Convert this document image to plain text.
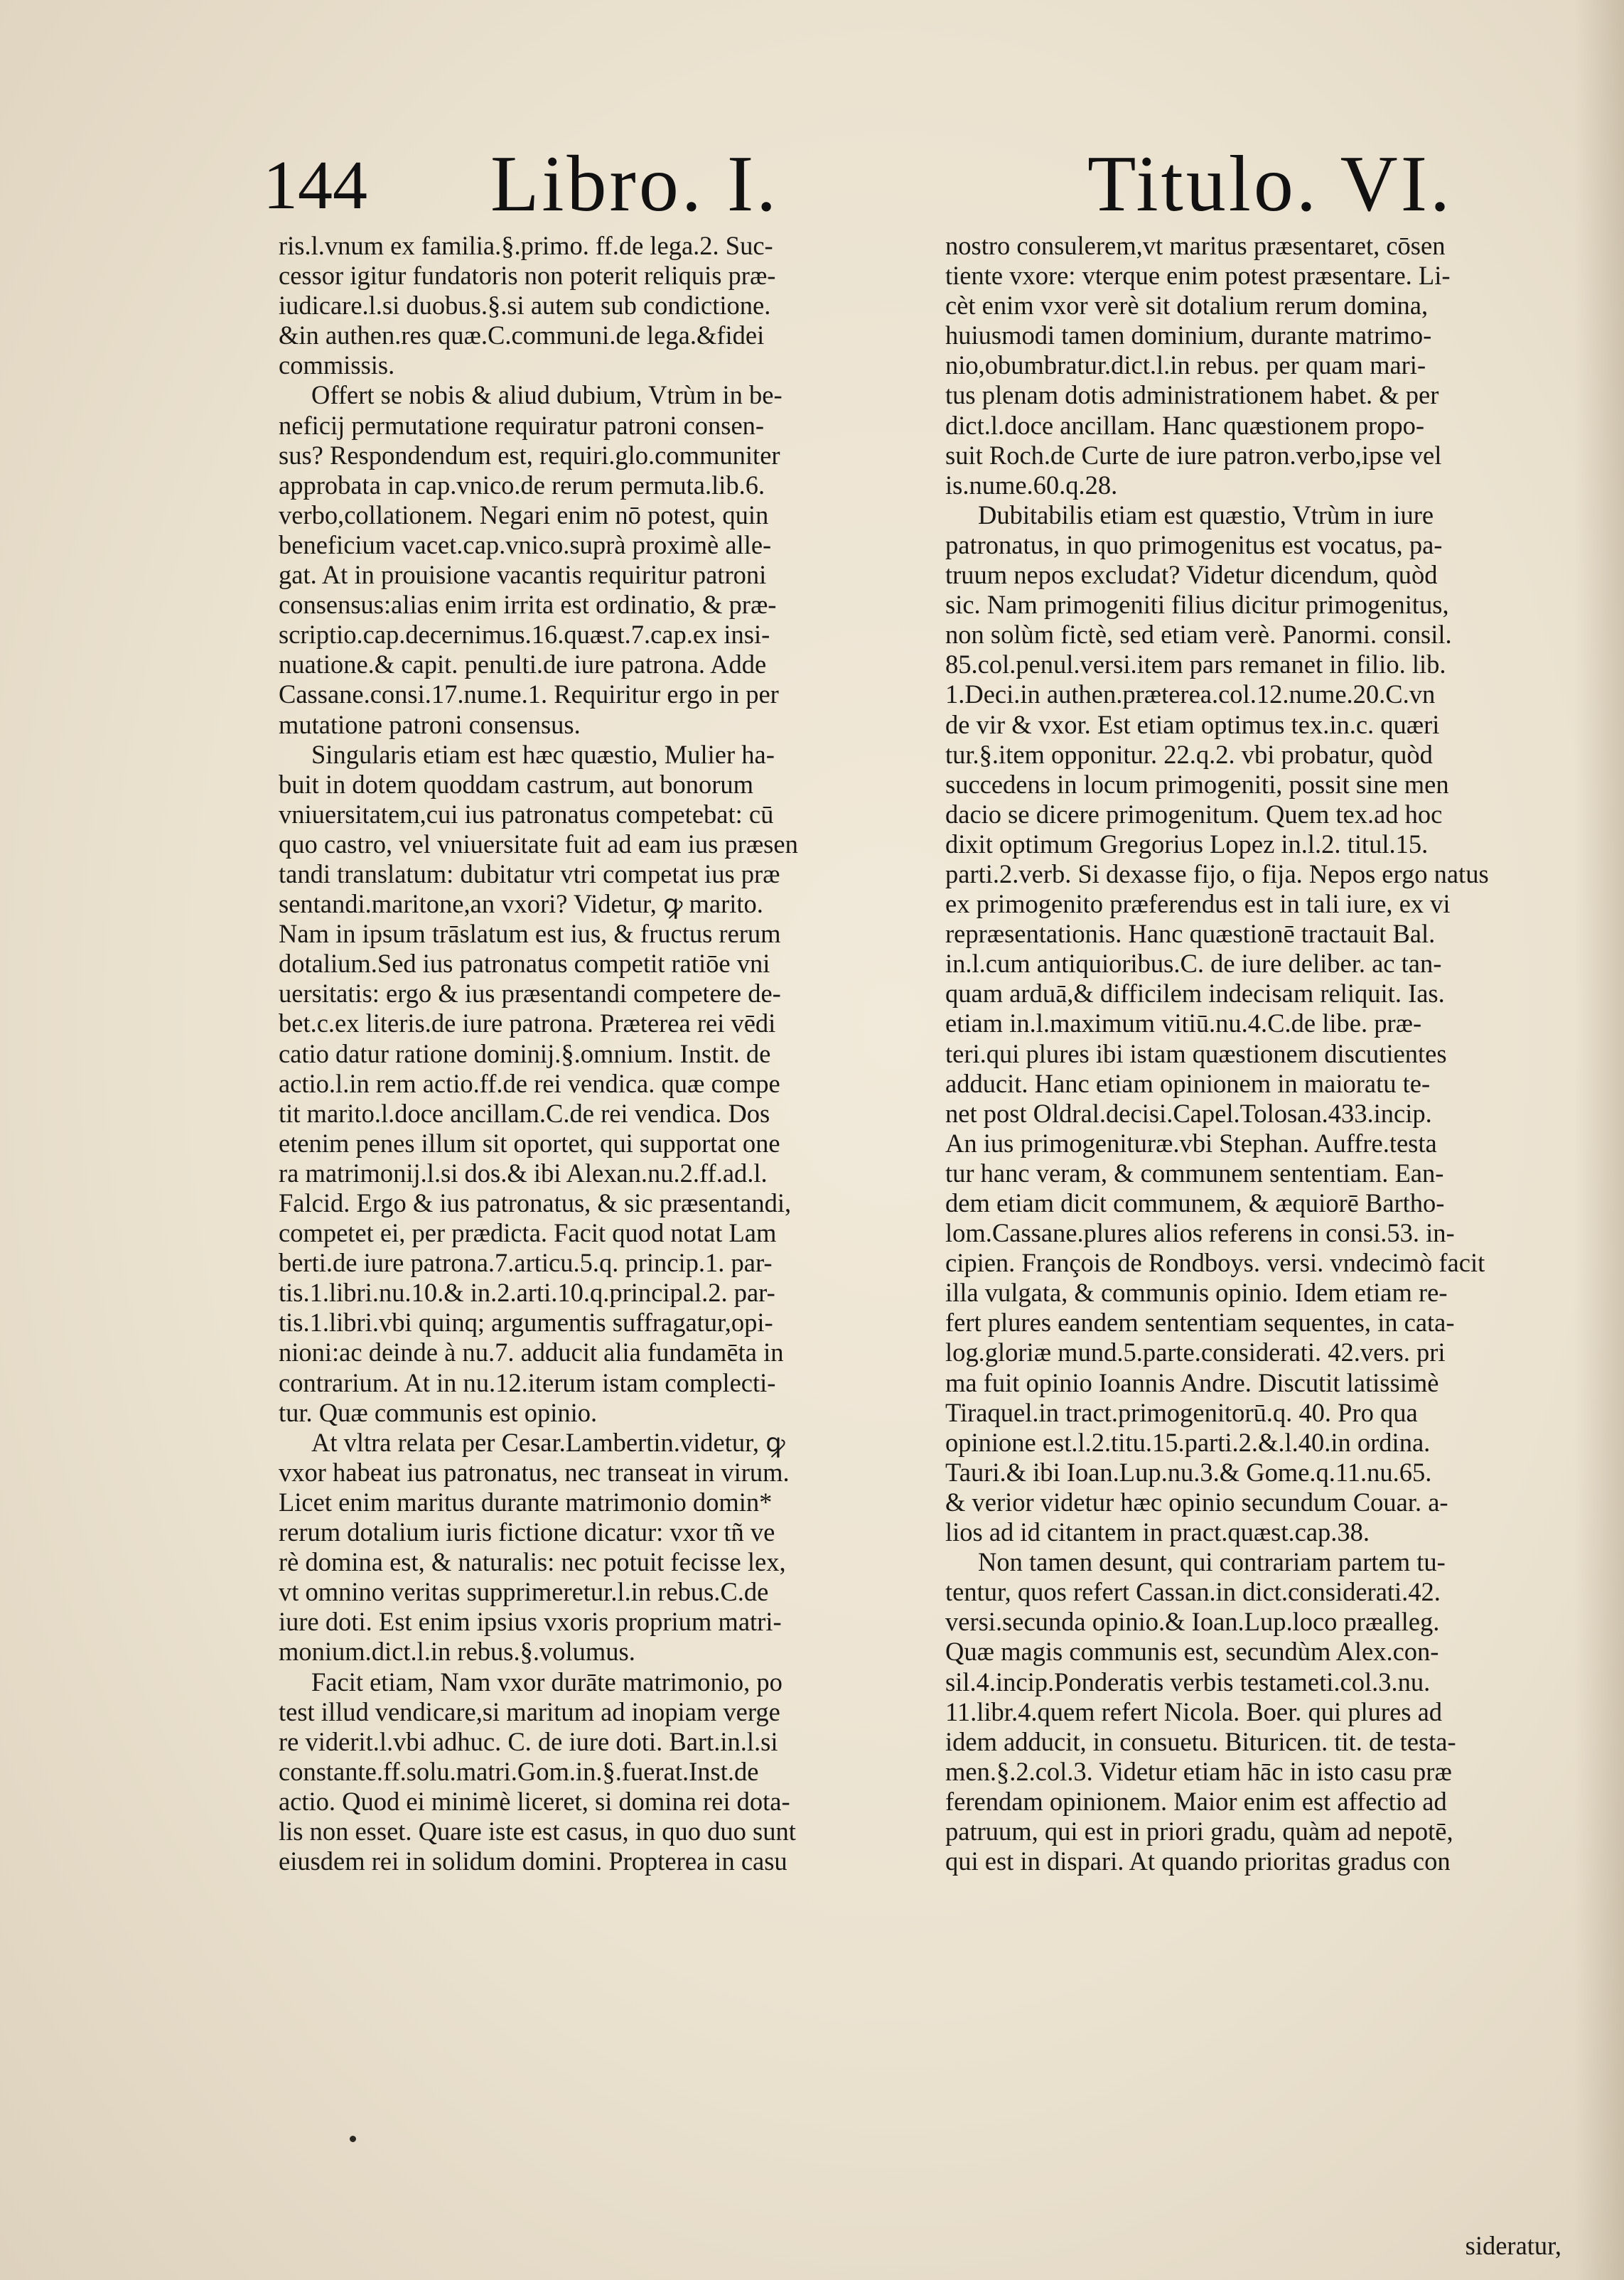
144 Libro. I.	Titulo. VI.
ris.l.vnum ex familia.§.primo. ff.de lega.2. Suc-
cessor igitur fundatoris non poterit reliquis præ-
iudicare.l.si duobus.§.si autem sub condictione.
&in authen.res quæ.C.communi.de lega.&fidei
commissis.
Offert se nobis & aliud dubium, Vtrùm in be-
neficij permutatione requiratur patroni consen-
sus? Respondendum est, requiri.glo.communiter
approbata in cap.vnico.de rerum permuta.lib.6.
verbo,collationem. Negari enim nō potest, quin
beneficium vacet.cap.vnico.suprà proximè alle-
gat. At in prouisione vacantis requiritur patroni
consensus:alias enim irrita est ordinatio, & præ-
scriptio.cap.decernimus.16.quæst.7.cap.ex insi-
nuatione.& capit. penulti.de iure patrona. Adde
Cassane.consi.17.nume.1. Requiritur ergo in per
mutatione patroni consensus.
Singularis etiam est hæc quæstio, Mulier ha-
buit in dotem quoddam castrum, aut bonorum
vniuersitatem,cui ius patronatus competebat: cū
quo castro, vel vniuersitate fuit ad eam ius præsen
tandi translatum: dubitatur vtri competat ius præ
sentandi.maritone,an vxori? Videtur, ꝙ marito.
Nam in ipsum trāslatum est ius, & fructus rerum
dotalium.Sed ius patronatus competit ratiōe vni
uersitatis: ergo & ius præsentandi competere de-
bet.c.ex literis.de iure patrona. Præterea rei vēdi
catio datur ratione dominij.§.omnium. Instit. de
actio.l.in rem actio.ff.de rei vendica. quæ compe
tit marito.l.doce ancillam.C.de rei vendica. Dos
etenim penes illum sit oportet, qui supportat one
ra matrimonij.l.si dos.& ibi Alexan.nu.2.ff.ad.l.
Falcid. Ergo & ius patronatus, & sic præsentandi,
competet ei, per prædicta. Facit quod notat Lam
berti.de iure patrona.7.articu.5.q. princip.1. par-
tis.1.libri.nu.10.& in.2.arti.10.q.principal.2. par-
tis.1.libri.vbi quinq; argumentis suffragatur,opi-
nioni:ac deinde à nu.7. adducit alia fundamēta in
contrarium. At in nu.12.iterum istam complecti-
tur. Quæ communis est opinio.
At vltra relata per Cesar.Lambertin.videtur, ꝙ
vxor habeat ius patronatus, nec transeat in virum.
Licet enim maritus durante matrimonio domin*
rerum dotalium iuris fictione dicatur: vxor tñ ve
rè domina est, & naturalis: nec potuit fecisse lex,
vt omnino veritas supprimeretur.l.in rebus.C.de
iure doti. Est enim ipsius vxoris proprium matri-
monium.dict.l.in rebus.§.volumus.
Facit etiam, Nam vxor durāte matrimonio, po
test illud vendicare,si maritum ad inopiam verge
re viderit.l.vbi adhuc. C. de iure doti. Bart.in.l.si
constante.ff.solu.matri.Gom.in.§.fuerat.Inst.de
actio. Quod ei minimè liceret, si domina rei dota-
lis non esset. Quare iste est casus, in quo duo sunt
eiusdem rei in solidum domini. Propterea in casu
nostro consulerem,vt maritus præsentaret, cōsen
tiente vxore: vterque enim potest præsentare. Li-
cèt enim vxor verè sit dotalium rerum domina,
huiusmodi tamen dominium, durante matrimo-
nio,obumbratur.dict.l.in rebus. per quam mari-
tus plenam dotis administrationem habet. & per
dict.l.doce ancillam. Hanc quæstionem propo-
suit Roch.de Curte de iure patron.verbo,ipse vel
is.nume.60.q.28.
Dubitabilis etiam est quæstio, Vtrùm in iure
patronatus, in quo primogenitus est vocatus, pa-
truum nepos excludat? Videtur dicendum, quòd
sic. Nam primogeniti filius dicitur primogenitus,
non solùm fictè, sed etiam verè. Panormi. consil.
85.col.penul.versi.item pars remanet in filio. lib.
1.Deci.in authen.præterea.col.12.nume.20.C.vn
de vir & vxor. Est etiam optimus tex.in.c. quæri
tur.§.item opponitur. 22.q.2. vbi probatur, quòd
succedens in locum primogeniti, possit sine men
dacio se dicere primogenitum. Quem tex.ad hoc
dixit optimum Gregorius Lopez in.l.2. titul.15.
parti.2.verb. Si dexasse fijo, o fija. Nepos ergo natus
ex primogenito præferendus est in tali iure, ex vi
repræsentationis. Hanc quæstionē tractauit Bal.
in.l.cum antiquioribus.C. de iure deliber. ac tan-
quam arduā,& difficilem indecisam reliquit. Ias.
etiam in.l.maximum vitiū.nu.4.C.de libe. præ-
teri.qui plures ibi istam quæstionem discutientes
adducit. Hanc etiam opinionem in maioratu te-
net post Oldral.decisi.Capel.Tolosan.433.incip.
An ius primogenituræ.vbi Stephan. Auffre.testa
tur hanc veram, & communem sententiam. Ean-
dem etiam dicit communem, & æquiorē Bartho-
lom.Cassane.plures alios referens in consi.53. in-
cipien. François de Rondboys. versi. vndecimò facit
illa vulgata, & communis opinio. Idem etiam re-
fert plures eandem sententiam sequentes, in cata-
log.gloriæ mund.5.parte.considerati. 42.vers. pri
ma fuit opinio Ioannis Andre. Discutit latissimè
Tiraquel.in tract.primogenitorū.q. 40. Pro qua
opinione est.l.2.titu.15.parti.2.&.l.40.in ordina.
Tauri.& ibi Ioan.Lup.nu.3.& Gome.q.11.nu.65.
& verior videtur hæc opinio secundum Couar. a-
lios ad id citantem in pract.quæst.cap.38.
Non tamen desunt, qui contrariam partem tu-
tentur, quos refert Cassan.in dict.considerati.42.
versi.secunda opinio.& Ioan.Lup.loco præalleg.
Quæ magis communis est, secundùm Alex.con-
sil.4.incip.Ponderatis verbis testameti.col.3.nu.
11.libr.4.quem refert Nicola. Boer. qui plures ad
idem adducit, in consuetu. Bituricen. tit. de testa-
men.§.2.col.3. Videtur etiam hāc in isto casu præ
ferendam opinionem. Maior enim est affectio ad
patruum, qui est in priori gradu, quàm ad nepotē,
qui est in dispari. At quando prioritas gradus con
sideratur,
